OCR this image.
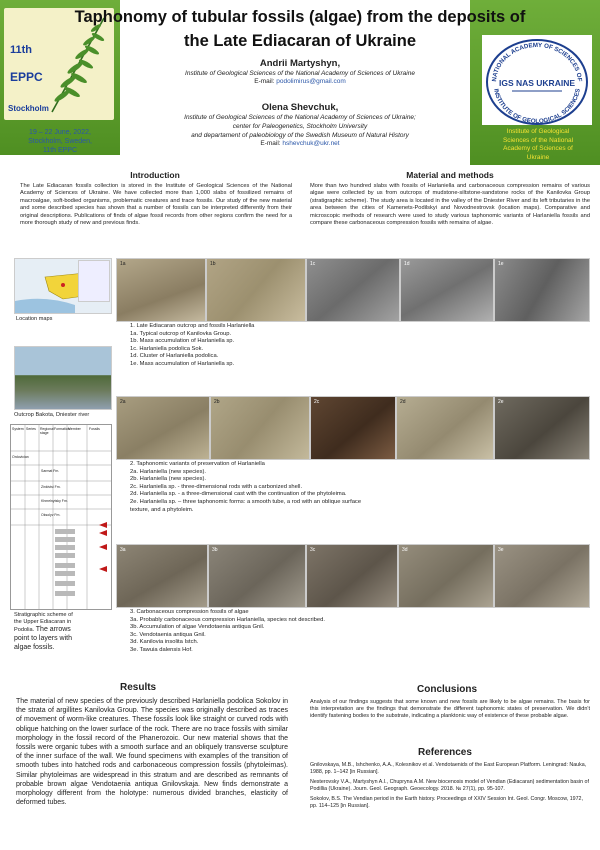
11th
EPPC
Stockholm
19 – 22 June, 2022,
Stockholm, Sweden,
11th EPPC
Taphonomy of tubular fossils (algae) from the deposits of
the Late Ediacaran of Ukraine
NATIONAL ACADEMY OF SCIENCES OF
INSTITUTE OF GEOLOGICAL SCIENCES
IGS NAS UKRAINE
Institute of Geological
Sciences of the National
Academy of Sciences of
Ukraine
Andrii Martyshyn,
Institute of Geological Sciences of the National Academy of Sciences of Ukraine
E-mail: podolimirus@gmail.com
Olena Shevchuk,
Institute of Geological Sciences of the National Academy of Sciences of Ukraine;
center for Paleogenetics, Stockholm University
and departament of paleobiology of the Swedish Museum of Natural History
E-mail: hshevchuk@ukr.net
Introduction
The Late Ediacaran fossils collection is stored in the Institute of Geological Sciences of the National Academy of Sciences of Ukraine. We have collected more than 1,000 slabs of fossilized remains of macroalgae, soft-bodied organisms, problematic creatures and trace fossils. Our study of the new material and some described species has shown that a number of fossils can be interpreted differently from their original descriptions. Publications of finds of algae fossil records from other regions confirm the need for a more thorough study of new and previous finds.
Material and methods
More than two hundred slabs with fossils of Harlaniella and carbonaceous compression remains of various algae were collected by us from outcrops of mudstone-siltstone-sandstone rocks of the Kanilovka Group (stratigraphic scheme). The study area is located in the valley of the Dniester River and its left tributaries in the area between the cities of Kamenets-Podilskyi and Novodnestrovsk (location maps). Comparative and microscopic methods of research were used to study various taphonomic variants of Harlaniella fossils and compare these carbonaceous compression fossils with remains of algae.
Location maps
Outcrop Bakota, Dniester river
System Series	Regional stage
Formation
Member	Fossils
Ordovician
Sarmat Fm.
Zinkivtsi Fm.
Khmelnytsky Fm.
Oksolyv Fm.
Stratigraphic scheme of
the Upper Ediacaran in
Podolia. The arrows
point to layers with
algae fossils.
1a	1b	1c	1d	1e
1. Late Ediacaran outcrop and fossils Harlaniella
1a. Typical outcrop of Kanilovka Group.
1b. Mass accumulation of Harlaniella sp.
1c. Harlaniella podolica Sok.
1d. Cluster of Harlaniella podolica.
1e. Mass accumulation of Harlaniella sp.
2a	2b	2c	2d	2e
2. Taphonomic variants of preservation of Harlaniella
2a. Harlaniella (new species).
2b. Harlaniella (new species).
2c. Harlaniella sp. - three-dimensional rods with a carbonized shell.
2d. Harlaniella sp. - a three-dimensional cast with the continuation of the phytoleima.
2e. Harlaniella sp. – three taphonomic forms: a smooth tube, a rod with an oblique surface
texture, and a phytoleim.
3a	3b	3c	3d	3e
3. Carbonaceous compression fossils of algae
3a. Probably carbonaceous compression Harlaniella, species not described.
3b. Accumulation of algae Vendotaenia antiqua Gnil.
3c. Vendotaenia antiqua Gnil.
3d. Kanilovia insolita Istch.
3e. Tawuia dalensis Hof.
Results
The material of new species of the previously described Harlaniella podolica Sokolov in the strata of argillites Kanilovka Group. The species was originally described as traces of movement of worm-like creatures. These fossils look like straight or curved rods with oblique hatching on the lower surface of the rock. There are no trace fossils with similar morphology in the fossil record of the Phanerozoic. Our new material shows that the fossils were organic tubes with a smooth surface and an obliquely transverse sculpture of the inner surface of the wall. We found specimens with examples of the transition of smooth tubes into hatched rods and carbonaceous compression fossils (phytoleimas). Similar phytoleimas are widespread in this stratum and are described as remnants of probable brown algae Vendotaenia antiqua Gnilovskaja. New finds demonstrate a morphology different from the holotype: numerous divided branches, elasticity of deformed tubes.
Conclusions
Analysis of our findings suggests that some known and new fossils are likely to be algae remains. The basis for this interpretation are the findings that demonstrate the different taphonomic states of preservation. We didn't identify fastening bodies to the substrate, indicating a planktonic way of existence of these probable algae.
References
Gnilovskaya, M.B., Ishchenko, A.A., Kolesnikov et al. Vendotaenids of the East European Platform. Leningrad: Nauka, 1988, pp. 1–142 [in Russian].
Nesterovsky V.A., Martyshyn A.I., Chupryna A.M. New biocenosis model of Vendian (Ediacaran) sedimentation basin of Podillia (Ukraine). Journ. Geol. Geograph. Geoecology. 2018. № 27(1), pp. 95-107.
Sokolov, B.S. The Vendian period in the Earth history. Proceedings of XXIV Session Int. Geol. Congr. Moscow, 1972, pp. 114–125 [in Russian].
